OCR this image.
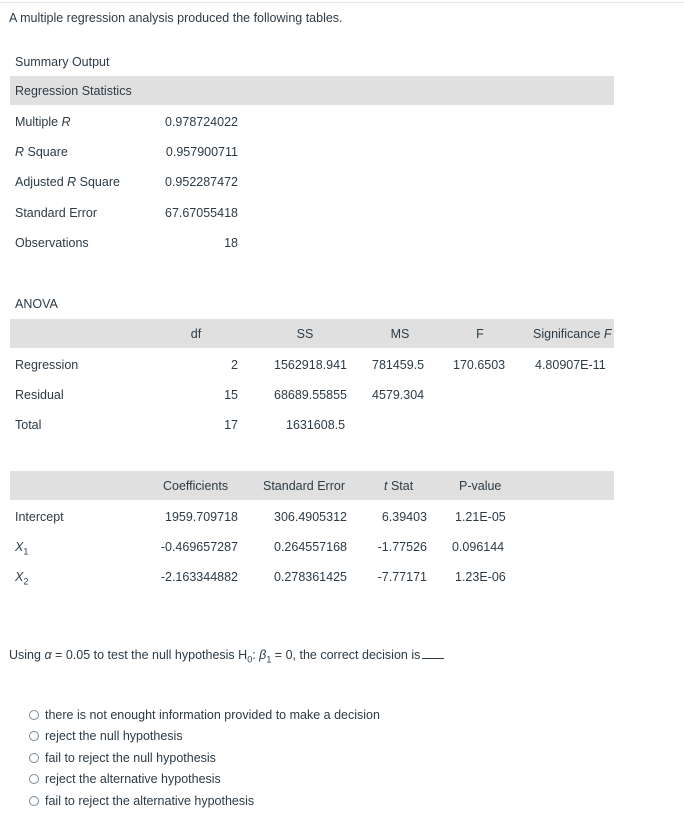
A multiple regression analysis produced the following tables.
Summary Output
Regression Statistics
Multiple R	0.978724022
R Square	0.957900711
Adjusted R Square	0.952287472
Standard Error	67.67055418
Observations	18
ANOVA
df	SS	MS	F	Significance F
Regression	2	1562918.941 781459.5 170.6503 4.80907E-11
Residual	15	68689.55855 4579.304
Total	17	1631608.5
Coefficients	Standard Error	t Stat	P-value
Intercept	1959.709718	306.4905312	6.39403 1.21E-05
$X_1$	-0.469657287	0.264557168	-1.77526 0.096144
$X_2$	-2.163344882	0.278361425	-7.77171 1.23E-06
Using α = 0.05 to test the null hypothesis $H_0$: $\beta_1 = 0$, the correct decision is
there is not enought information provided to make a decision
reject the null hypothesis
fail to reject the null hypothesis
reject the alternative hypothesis
fail to reject the alternative hypothesis
